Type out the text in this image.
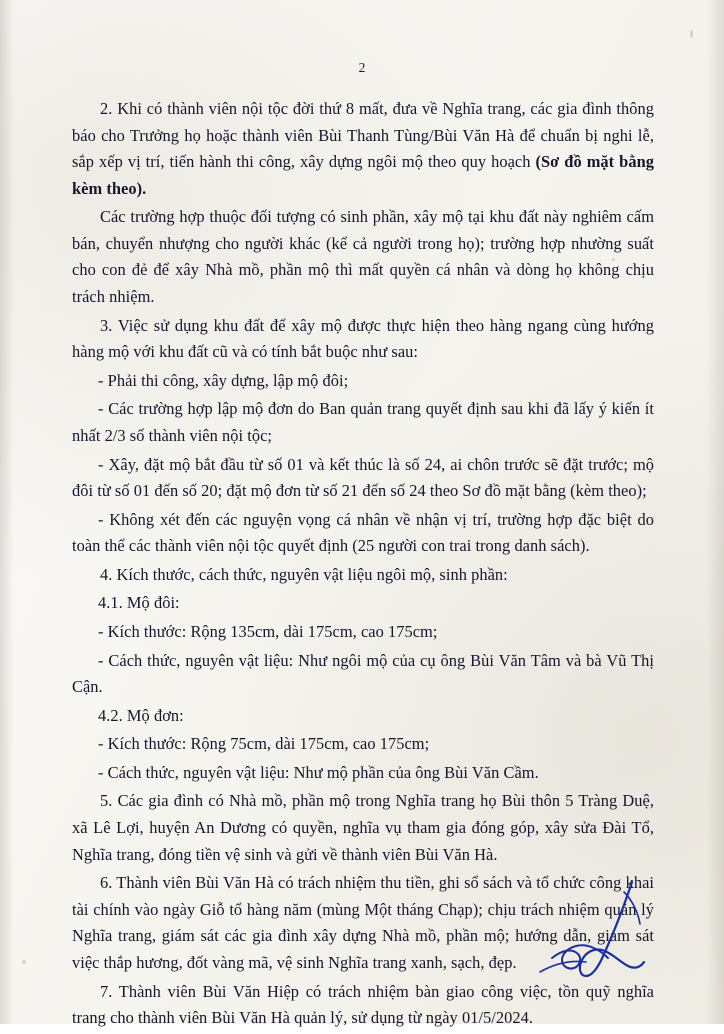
2

2. Khi có thành viên nội tộc đời thứ 8 mất, đưa về Nghĩa trang, các gia đình thông báo cho Trưởng họ hoặc thành viên Bùi Thanh Tùng/Bùi Văn Hà để chuẩn bị nghi lễ, sắp xếp vị trí, tiến hành thi công, xây dựng ngôi mộ theo quy hoạch (Sơ đồ mặt bằng kèm theo).

Các trường hợp thuộc đối tượng có sinh phần, xây mộ tại khu đất này nghiêm cấm bán, chuyển nhượng cho người khác (kể cả người trong họ); trường hợp nhường suất cho con đẻ để xây Nhà mồ, phần mộ thì mất quyền cá nhân và dòng họ không chịu trách nhiệm.

3. Việc sử dụng khu đất để xây mộ được thực hiện theo hàng ngang cùng hướng hàng mộ với khu đất cũ và có tính bắt buộc như sau:

- Phải thi công, xây dựng, lập mộ đôi;

- Các trường hợp lập mộ đơn do Ban quản trang quyết định sau khi đã lấy ý kiến ít nhất 2/3 số thành viên nội tộc;

- Xây, đặt mộ bắt đầu từ số 01 và kết thúc là số 24, ai chôn trước sẽ đặt trước; mộ đôi từ số 01 đến số 20; đặt mộ đơn từ số 21 đến số 24 theo Sơ đồ mặt bằng (kèm theo);

- Không xét đến các nguyện vọng cá nhân về nhận vị trí, trường hợp đặc biệt do toàn thể các thành viên nội tộc quyết định (25 người con trai trong danh sách).

4. Kích thước, cách thức, nguyên vật liệu ngôi mộ, sinh phần:

4.1. Mộ đôi:

- Kích thước: Rộng 135cm, dài 175cm, cao 175cm;

- Cách thức, nguyên vật liệu: Như ngôi mộ của cụ ông Bùi Văn Tâm và bà Vũ Thị Cận.

4.2. Mộ đơn:

- Kích thước: Rộng 75cm, dài 175cm, cao 175cm;

- Cách thức, nguyên vật liệu: Như mộ phần của ông Bùi Văn Cầm.

5. Các gia đình có Nhà mồ, phần mộ trong Nghĩa trang họ Bùi thôn 5 Tràng Duệ, xã Lê Lợi, huyện An Dương có quyền, nghĩa vụ tham gia đóng góp, xây sửa Đài Tổ, Nghĩa trang, đóng tiền vệ sinh và gửi về thành viên Bùi Văn Hà.

6. Thành viên Bùi Văn Hà có trách nhiệm thu tiền, ghi sổ sách và tổ chức công khai tài chính vào ngày Giỗ tổ hàng năm (mùng Một tháng Chạp); chịu trách nhiệm quản lý Nghĩa trang, giám sát các gia đình xây dựng Nhà mồ, phần mộ; hướng dẫn, giám sát việc thắp hương, đốt vàng mã, vệ sinh Nghĩa trang xanh, sạch, đẹp.

7. Thành viên Bùi Văn Hiệp có trách nhiệm bàn giao công việc, tồn quỹ nghĩa trang cho thành viên Bùi Văn Hà quản lý, sử dụng từ ngày 01/5/2024.
